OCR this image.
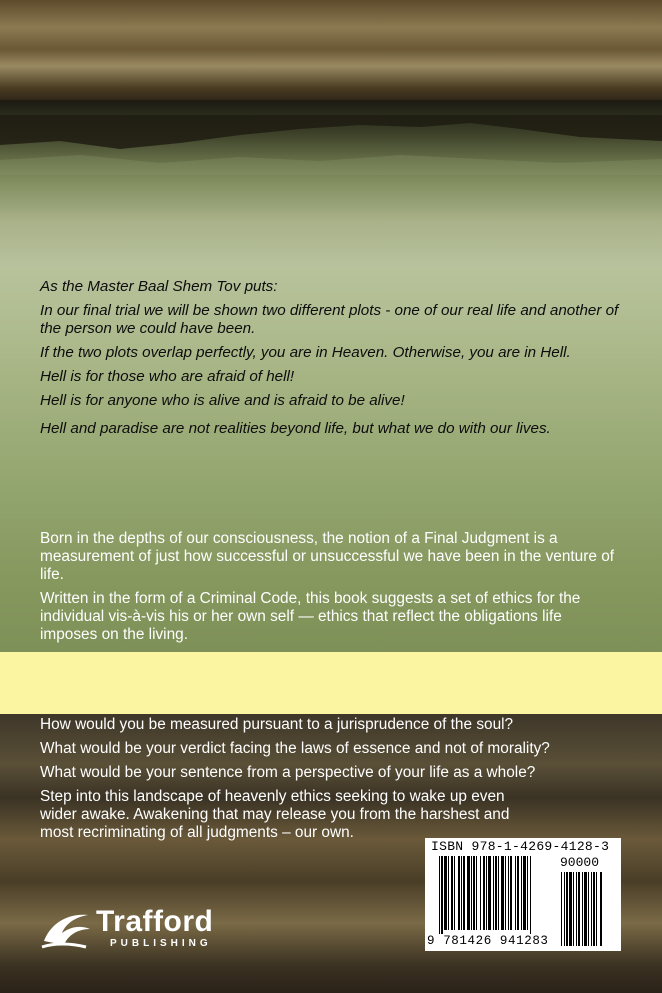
As the Master Baal Shem Tov puts:

In our final trial we will be shown two different plots - one of our real life and another of the person we could have been.

If the two plots overlap perfectly, you are in Heaven. Otherwise, you are in Hell.

Hell is for those who are afraid of hell!

Hell is for anyone who is alive and is afraid to be alive!

Hell and paradise are not realities beyond life, but what we do with our lives.

Born in the depths of our consciousness, the notion of a Final Judgment is a measurement of just how successful or unsuccessful we have been in the venture of life.

Written in the form of a Criminal Code, this book suggests a set of ethics for the individual vis-à-vis his or her own self — ethics that reflect the obligations life imposes on the living.

How would you be measured pursuant to a jurisprudence of the soul?

What would be your verdict facing the laws of essence and not of morality?

What would be your sentence from a perspective of your life as a whole?

Step into this landscape of heavenly ethics seeking to wake up even wider awake. Awakening that may release you from the harshest and most recriminating of all judgments – our own.

Trafford
PUBLISHING
ISBN 978-1-4269-4128-3
90000
9 781426 941283
